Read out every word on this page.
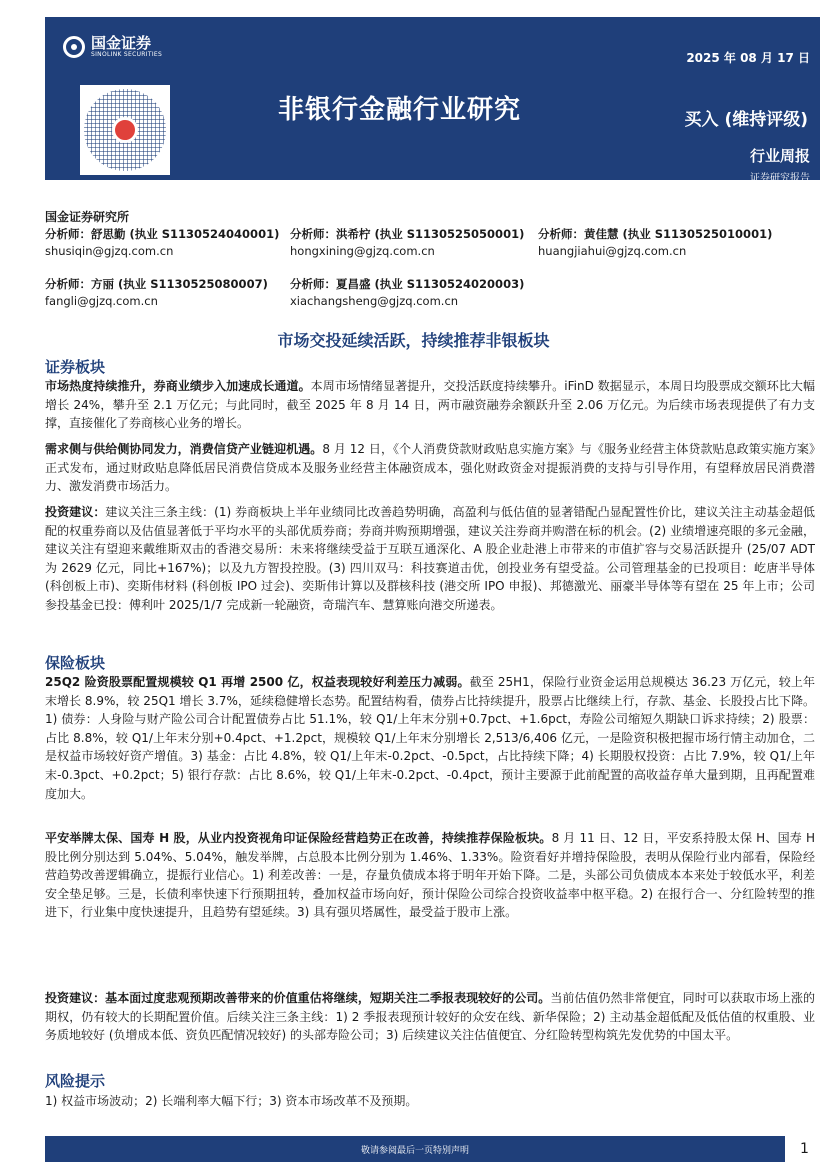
国金证券
SINOLINK SECURITIES	2025 年 08 月 17 日
非银行金融行业研究	买入 (维持评级)
行业周报
证券研究报告
国金证券研究所
分析师：舒思勤 (执业 S1130524040001)
shusiqin@gjzq.com.cn
分析师：洪希柠 (执业 S1130525050001)
hongxining@gjzq.com.cn
分析师：黄佳慧 (执业 S1130525010001)
huangjiahui@gjzq.com.cn
分析师：方丽 (执业 S1130525080007)
fangli@gjzq.com.cn
分析师：夏昌盛 (执业 S1130524020003)
xiachangsheng@gjzq.com.cn
市场交投延续活跃，持续推荐非银板块
证券板块
市场热度持续推升，券商业绩步入加速成长通道。本周市场情绪显著提升，交投活跃度持续攀升。iFinD 数据显示，本周日均股票成交额环比大幅增长 24%，攀升至 2.1 万亿元；与此同时，截至 2025 年 8 月 14 日，两市融资融券余额跃升至 2.06 万亿元。为后续市场表现提供了有力支撑，直接催化了券商核心业务的增长。
需求侧与供给侧协同发力，消费信贷产业链迎机遇。8 月 12 日，《个人消费贷款财政贴息实施方案》与《服务业经营主体贷款贴息政策实施方案》正式发布，通过财政贴息降低居民消费信贷成本及服务业经营主体融资成本，强化财政资金对提振消费的支持与引导作用，有望释放居民消费潜力、激发消费市场活力。
投资建议：建议关注三条主线：(1) 券商板块上半年业绩同比改善趋势明确，高盈利与低估值的显著错配凸显配置性价比，建议关注主动基金超低配的权重券商以及估值显著低于平均水平的头部优质券商；券商并购预期增强，建议关注券商并购潜在标的机会。(2) 业绩增速亮眼的多元金融，建议关注有望迎来戴维斯双击的香港交易所：未来将继续受益于互联互通深化、A 股企业赴港上市带来的市值扩容与交易活跃提升 (25/07 ADT 为 2629 亿元，同比+167%)；以及九方智投控股。(3) 四川双马：科技赛道击优，创投业务有望受益。公司管理基金的已投项目：屹唐半导体 (科创板上市)、奕斯伟材料 (科创板 IPO 过会)、奕斯伟计算以及群核科技 (港交所 IPO 申报)、邦德激光、丽豪半导体等有望在 25 年上市；公司参投基金已投：傅利叶 2025/1/7 完成新一轮融资，奇瑞汽车、慧算账向港交所递表。
保险板块
25Q2 险资股票配置规模较 Q1 再增 2500 亿，权益表现较好利差压力减弱。截至 25H1，保险行业资金运用总规模达 36.23 万亿元，较上年末增长 8.9%，较 25Q1 增长 3.7%，延续稳健增长态势。配置结构看，债券占比持续提升，股票占比继续上行，存款、基金、长股投占比下降。1) 债券：人身险与财产险公司合计配置债券占比 51.1%，较 Q1/上年末分别+0.7pct、+1.6pct，寿险公司缩短久期缺口诉求持续；2) 股票：占比 8.8%，较 Q1/上年末分别+0.4pct、+1.2pct，规模较 Q1/上年末分别增长 2,513/6,406 亿元，一是险资积极把握市场行情主动加仓，二是权益市场较好资产增值。3) 基金：占比 4.8%，较 Q1/上年末-0.2pct、-0.5pct，占比持续下降；4) 长期股权投资：占比 7.9%，较 Q1/上年末-0.3pct、+0.2pct；5) 银行存款：占比 8.6%，较 Q1/上年末-0.2pct、-0.4pct，预计主要源于此前配置的高收益存单大量到期，且再配置难度加大。
平安举牌太保、国寿 H 股，从业内投资视角印证保险经营趋势正在改善，持续推荐保险板块。8 月 11 日、12 日，平安系持股太保 H、国寿 H 股比例分别达到 5.04%、5.04%，触发举牌，占总股本比例分别为 1.46%、1.33%。险资看好并增持保险股，表明从保险行业内部看，保险经营趋势改善逻辑确立，提振行业信心。1) 利差改善：一是，存量负债成本将于明年开始下降。二是，头部公司负债成本本来处于较低水平，利差安全垫足够。三是，长债利率快速下行预期扭转，叠加权益市场向好，预计保险公司综合投资收益率中枢平稳。2) 在报行合一、分红险转型的推进下，行业集中度快速提升，且趋势有望延续。3) 具有强贝塔属性，最受益于股市上涨。
投资建议：基本面过度悲观预期改善带来的价值重估将继续，短期关注二季报表现较好的公司。当前估值仍然非常便宜，同时可以获取市场上涨的期权，仍有较大的长期配置价值。后续关注三条主线：1) 2 季报表现预计较好的众安在线、新华保险；2) 主动基金超低配及低估值的权重股、业务质地较好 (负增成本低、资负匹配情况较好) 的头部寿险公司；3) 后续建议关注估值便宜、分红险转型构筑先发优势的中国太平。
风险提示
1) 权益市场波动；2) 长端利率大幅下行；3) 资本市场改革不及预期。
敬请参阅最后一页特别声明	1
